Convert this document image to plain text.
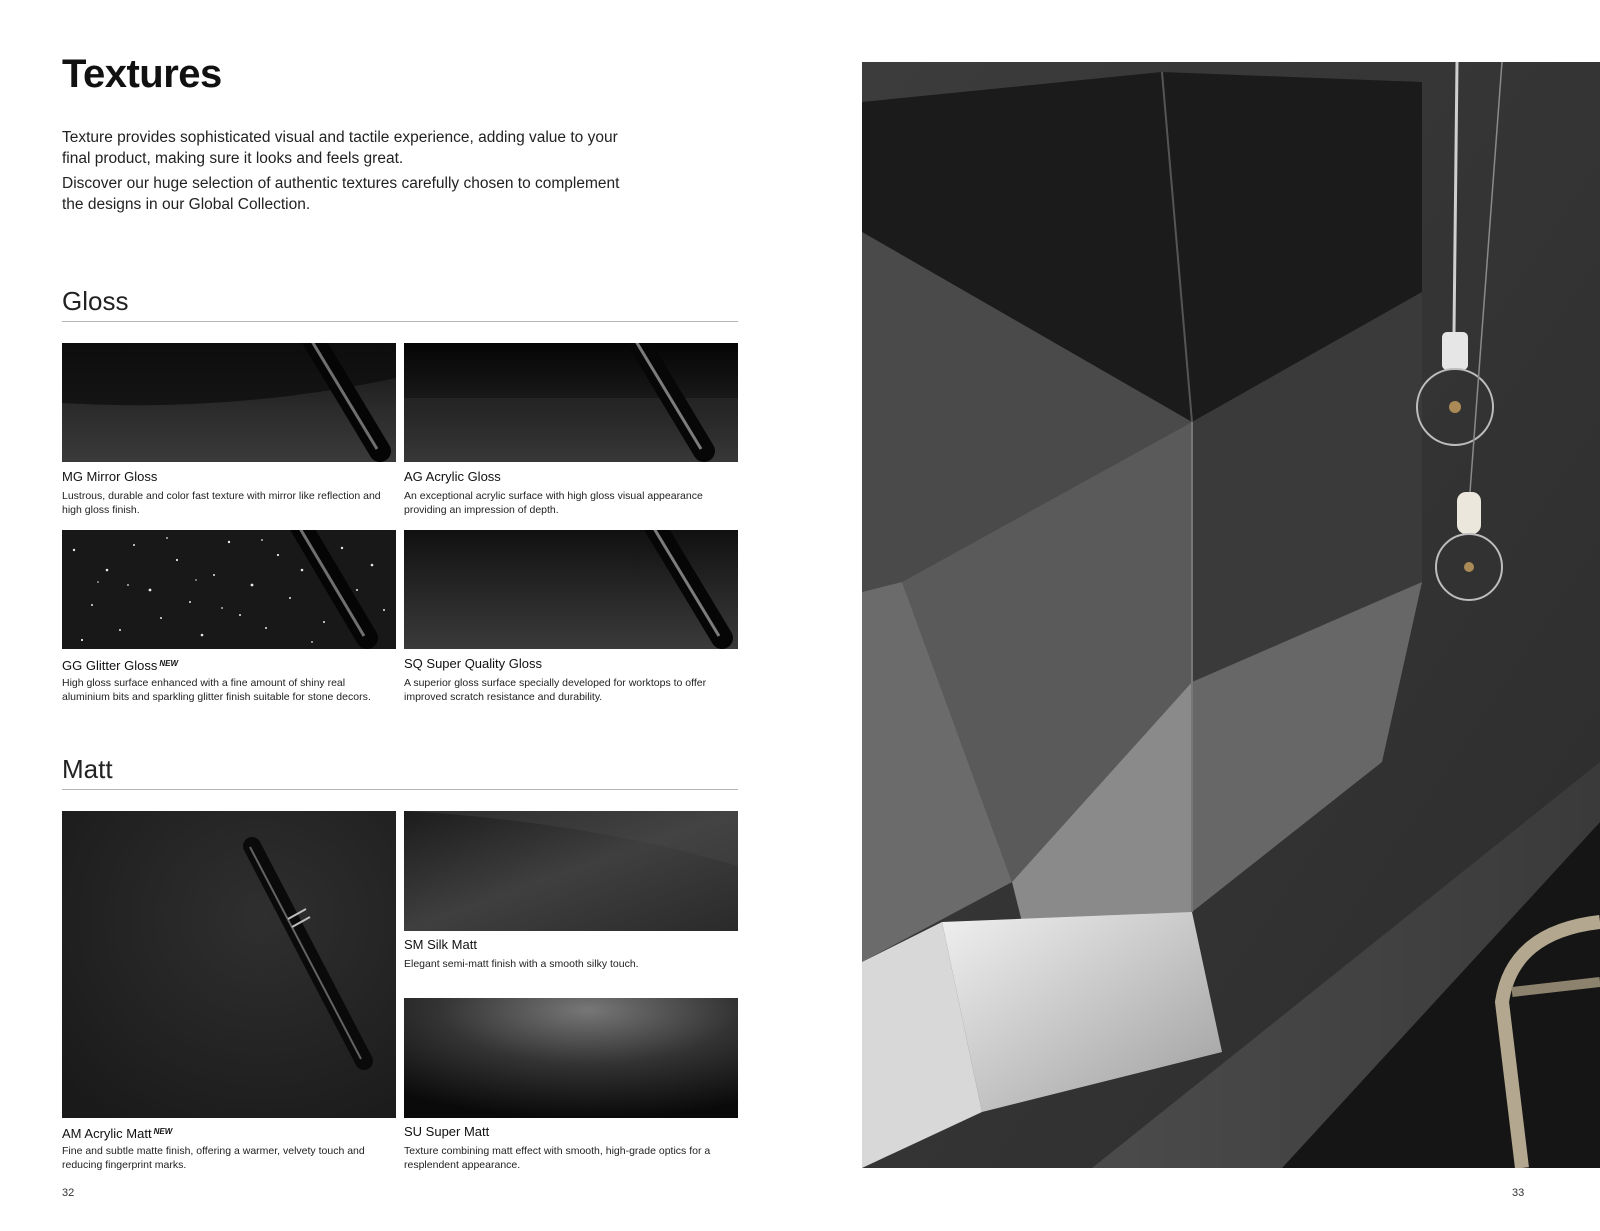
Textures

Texture provides sophisticated visual and tactile experience, adding value to your final product, making sure it looks and feels great.

Discover our huge selection of authentic textures carefully chosen to complement the designs in our Global Collection.

Gloss

MG Mirror Gloss

Lustrous, durable and color fast texture with mirror like reflection and high gloss finish.

AG Acrylic Gloss

An exceptional acrylic surface with high gloss visual appearance providing an impression of depth.

GG Glitter Gloss $^{NEW}$

High gloss surface enhanced with a fine amount of shiny real aluminium bits and sparkling glitter finish suitable for stone decors.

SQ Super Quality Gloss

A superior gloss surface specially developed for worktops to offer improved scratch resistance and durability.

Matt

AM Acrylic Matt $^{NEW}$

Fine and subtle matte finish, offering a warmer, velvety touch and reducing fingerprint marks.

SM Silk Matt

Elegant semi-matt finish with a smooth silky touch.

SU Super Matt

Texture combining matt effect with smooth, high-grade optics for a resplendent appearance.

32	33
